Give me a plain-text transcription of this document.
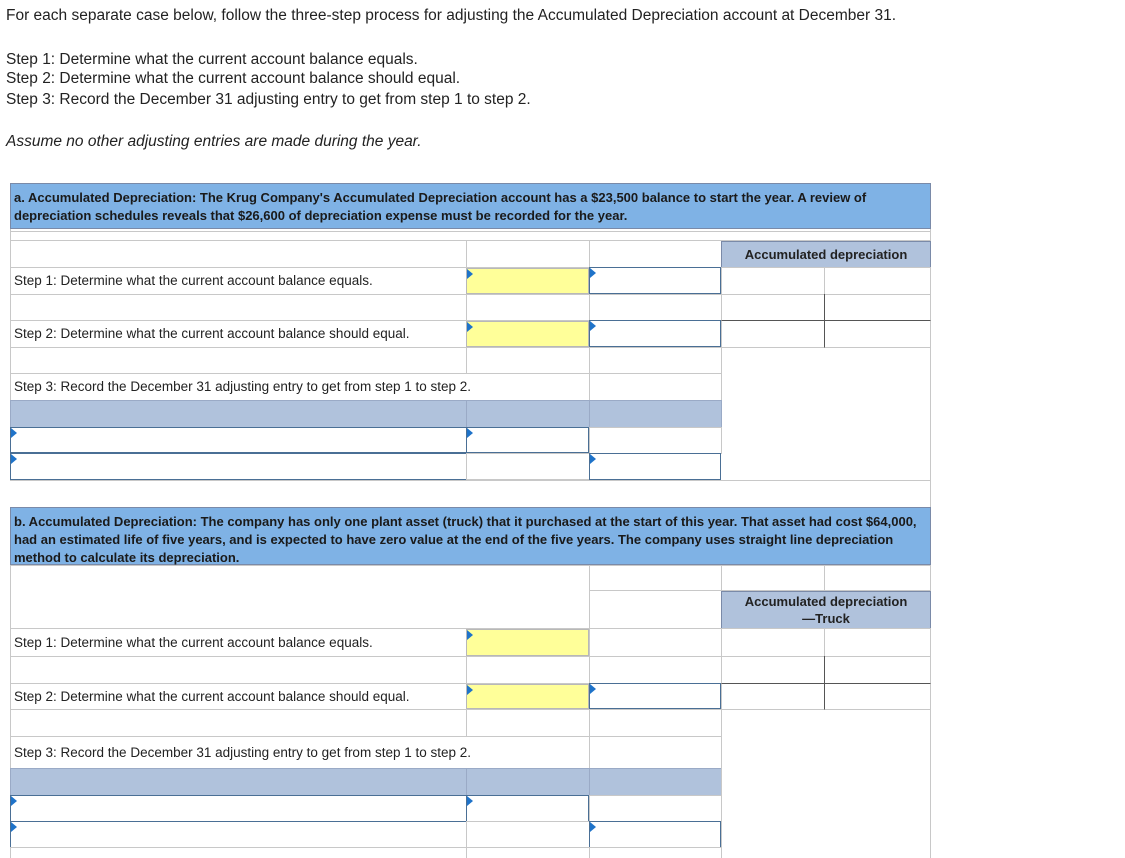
For each separate case below, follow the three-step process for adjusting the Accumulated Depreciation account at December 31.
Step 1: Determine what the current account balance equals.
Step 2: Determine what the current account balance should equal.
Step 3: Record the December 31 adjusting entry to get from step 1 to step 2.
Assume no other adjusting entries are made during the year.
a. Accumulated Depreciation: The Krug Company's Accumulated Depreciation account has a $23,500 balance to start the year. A review of depreciation schedules reveals that $26,600 of depreciation expense must be recorded for the year.
Accumulated depreciation
Step 1: Determine what the current account balance equals.
Step 2: Determine what the current account balance should equal.
Step 3: Record the December 31 adjusting entry to get from step 1 to step 2.
b. Accumulated Depreciation: The company has only one plant asset (truck) that it purchased at the start of this year. That asset had cost $64,000, had an estimated life of five years, and is expected to have zero value at the end of the five years. The company uses straight line depreciation method to calculate its depreciation.
Accumulated depreciation
—Truck
Step 1: Determine what the current account balance equals.
Step 2: Determine what the current account balance should equal.
Step 3: Record the December 31 adjusting entry to get from step 1 to step 2.
